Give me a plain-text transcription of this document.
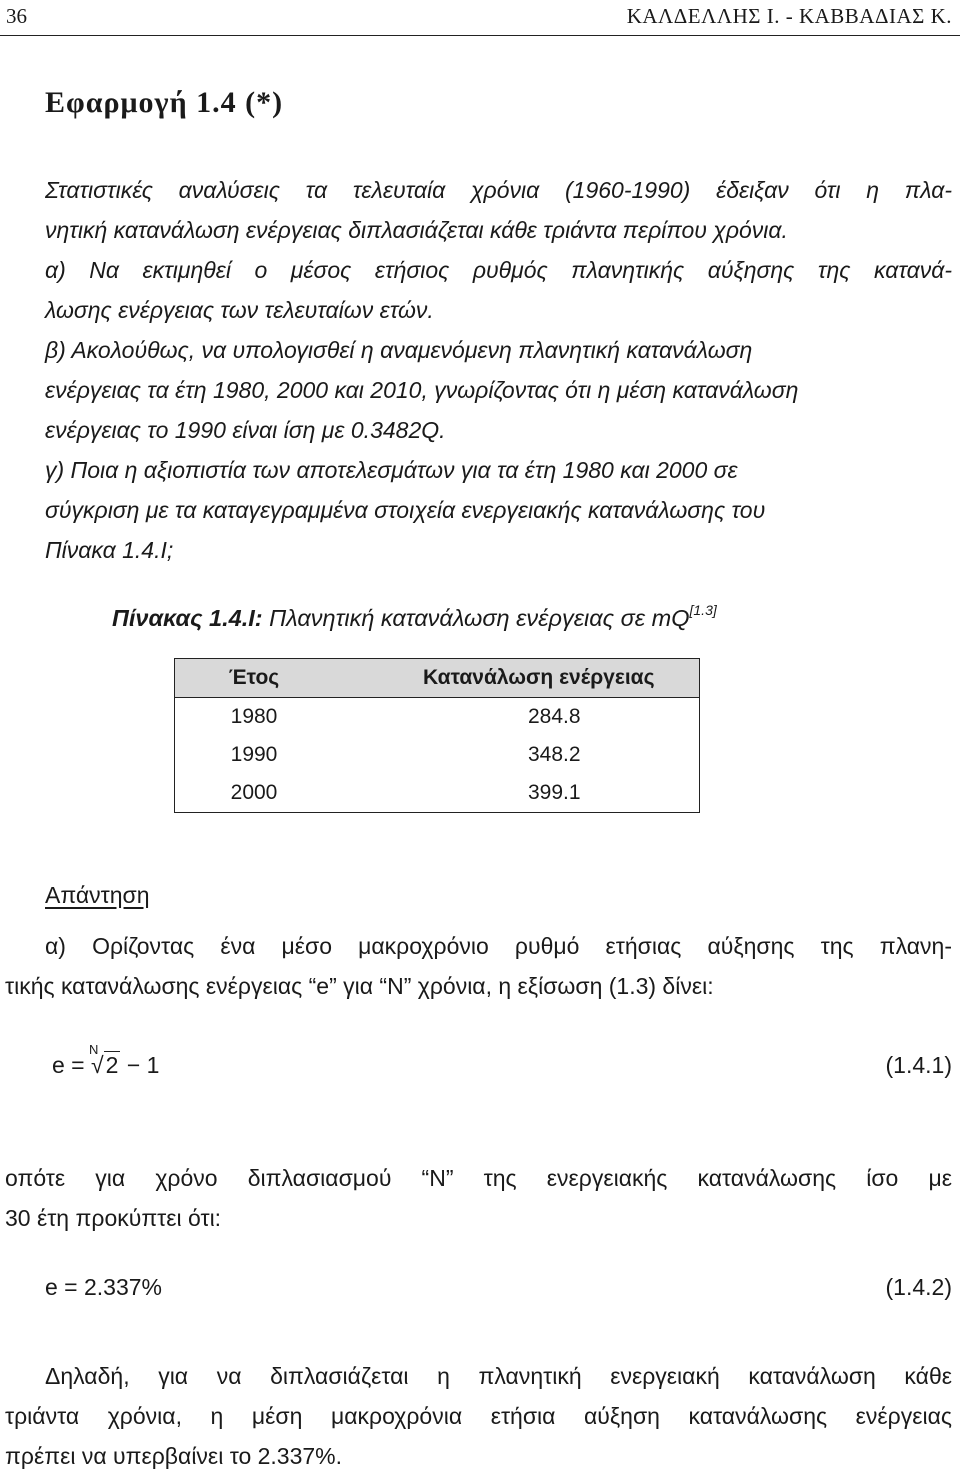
36	ΚΑΛΔΕΛΛΗΣ Ι. - ΚΑΒΒΑΔΙΑΣ Κ.
Εφαρμογή 1.4 (*)
Στατιστικές αναλύσεις τα τελευταία χρόνια (1960-1990) έδειξαν ότι η πλα-
νητική κατανάλωση ενέργειας διπλασιάζεται κάθε τριάντα περίπου χρόνια.
α) Να εκτιμηθεί ο μέσος ετήσιος ρυθμός πλανητικής αύξησης της κατανά-
λωσης ενέργειας των τελευταίων ετών.
β) Ακολούθως, να υπολογισθεί η αναμενόμενη πλανητική κατανάλωση
ενέργειας τα έτη 1980, 2000 και 2010, γνωρίζοντας ότι η μέση κατανάλωση
ενέργειας το 1990 είναι ίση με 0.3482Q.
γ) Ποια η αξιοπιστία των αποτελεσμάτων για τα έτη 1980 και 2000 σε
σύγκριση με τα καταγεγραμμένα στοιχεία ενεργειακής κατανάλωσης του
Πίνακα 1.4.Ι;
Πίνακας 1.4.Ι: Πλανητική κατανάλωση ενέργειας σε mQ[1.3]
Έτος	Κατανάλωση ενέργειας
1980	284.8
1990	348.2
2000	399.1
Απάντηση
α) Ορίζοντας ένα μέσο μακροχρόνιο ρυθμό ετήσιας αύξησης της πλανη-
τικής κατανάλωσης ενέργειας “e” για “N” χρόνια, η εξίσωση (1.3) δίνει:
e =
N
√2 − 1	(1.4.1)
οπότε για χρόνο διπλασιασμού “N” της ενεργειακής κατανάλωσης ίσο με
30 έτη προκύπτει ότι:
e = 2.337%	(1.4.2)
Δηλαδή, για να διπλασιάζεται η πλανητική ενεργειακή κατανάλωση κάθε
τριάντα χρόνια, η μέση μακροχρόνια ετήσια αύξηση κατανάλωσης ενέργειας
πρέπει να υπερβαίνει το 2.337%.
